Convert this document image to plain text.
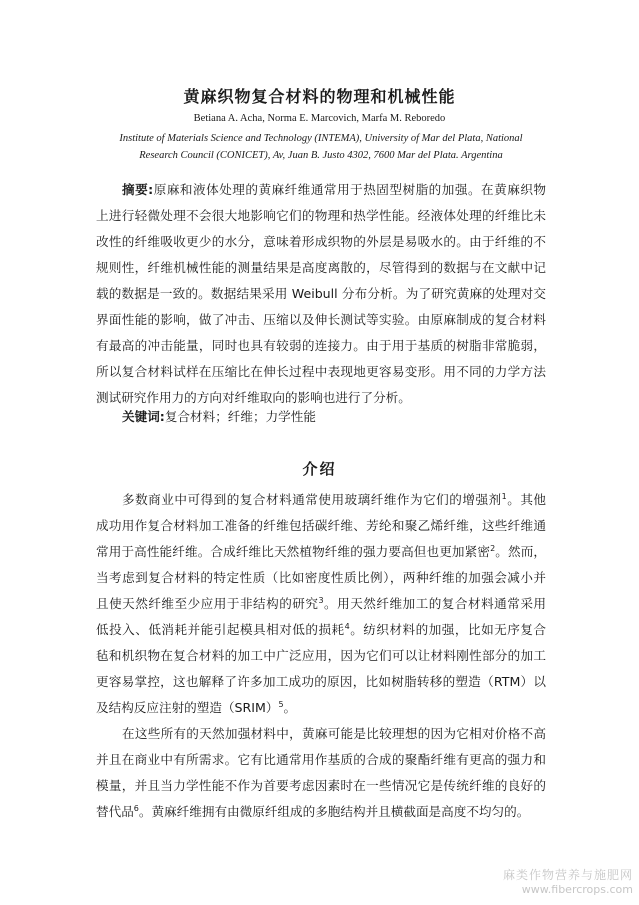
黄麻织物复合材料的物理和机械性能
Betiana A. Acha, Norma E. Marcovich, Marfa M. Reboredo
Institute of Materials Science and Technology (INTEMA), University of Mar del Plata, National
Research Council (CONICET), Av, Juan B. Justo 4302, 7600 Mar del Plata. Argentina
摘要:原麻和液体处理的黄麻纤维通常用于热固型树脂的加强。在黄麻织物
上进行轻微处理不会很大地影响它们的物理和热学性能。经液体处理的纤维比未
改性的纤维吸收更少的水分，意味着形成织物的外层是易吸水的。由于纤维的不
规则性，纤维机械性能的测量结果是高度离散的，尽管得到的数据与在文献中记
载的数据是一致的。数据结果采用 Weibull 分布分析。为了研究黄麻的处理对交
界面性能的影响，做了冲击、压缩以及伸长测试等实验。由原麻制成的复合材料
有最高的冲击能量，同时也具有较弱的连接力。由于用于基质的树脂非常脆弱，
所以复合材料试样在压缩比在伸长过程中表现地更容易变形。用不同的力学方法
测试研究作用力的方向对纤维取向的影响也进行了分析。
关键词:复合材料；纤维；力学性能
介绍
多数商业中可得到的复合材料通常使用玻璃纤维作为它们的增强剂$^1$。其他
成功用作复合材料加工准备的纤维包括碳纤维、芳纶和聚乙烯纤维，这些纤维通
常用于高性能纤维。合成纤维比天然植物纤维的强力要高但也更加紧密$^2$。然而，
当考虑到复合材料的特定性质（比如密度性质比例），两种纤维的加强会减小并
且使天然纤维至少应用于非结构的研究$^3$。用天然纤维加工的复合材料通常采用
低投入、低消耗并能引起模具相对低的损耗$^4$。纺织材料的加强，比如无序复合
毡和机织物在复合材料的加工中广泛应用，因为它们可以让材料刚性部分的加工
更容易掌控，这也解释了许多加工成功的原因，比如树脂转移的塑造（RTM）以
及结构反应注射的塑造（SRIM）$^5$。
在这些所有的天然加强材料中，黄麻可能是比较理想的因为它相对价格不高
并且在商业中有所需求。它有比通常用作基质的合成的聚酯纤维有更高的强力和
模量，并且当力学性能不作为首要考虑因素时在一些情况它是传统纤维的良好的
替代品$^6$。黄麻纤维拥有由微原纤组成的多胞结构并且横截面是高度不均匀的。
麻类作物营养与施肥网
www.fibercrops.com
